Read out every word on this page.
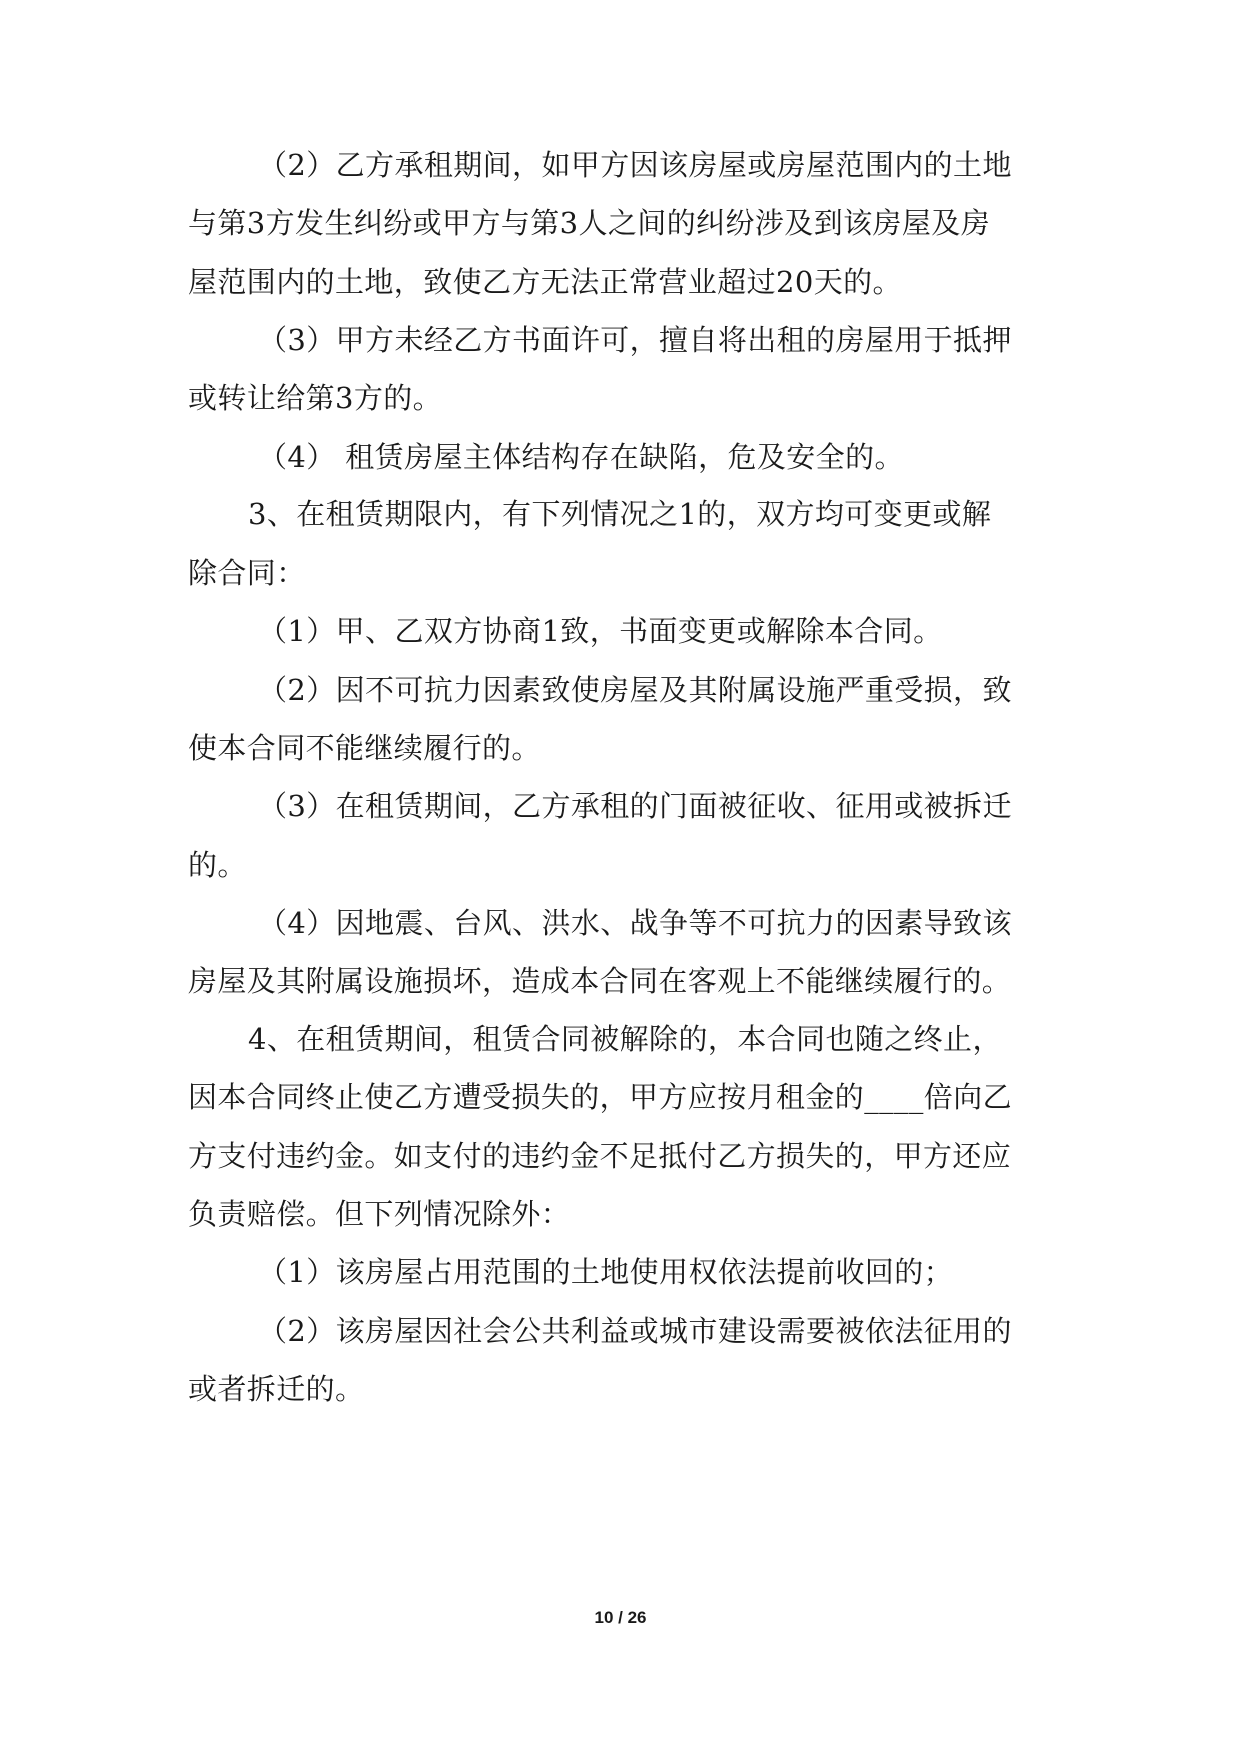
（2）乙方承租期间，如甲方因该房屋或房屋范围内的土地
与第3方发生纠纷或甲方与第3人之间的纠纷涉及到该房屋及房
屋范围内的土地，致使乙方无法正常营业超过20天的。
（3）甲方未经乙方书面许可，擅自将出租的房屋用于抵押
或转让给第3方的。
（4） 租赁房屋主体结构存在缺陷，危及安全的。
3、在租赁期限内，有下列情况之1的，双方均可变更或解
除合同：
（1）甲、乙双方协商1致，书面变更或解除本合同。
（2）因不可抗力因素致使房屋及其附属设施严重受损，致
使本合同不能继续履行的。
（3）在租赁期间，乙方承租的门面被征收、征用或被拆迁
的。
（4）因地震、台风、洪水、战争等不可抗力的因素导致该
房屋及其附属设施损坏，造成本合同在客观上不能继续履行的。
4、在租赁期间，租赁合同被解除的，本合同也随之终止，
因本合同终止使乙方遭受损失的，甲方应按月租金的____倍向乙
方支付违约金。如支付的违约金不足抵付乙方损失的，甲方还应
负责赔偿。但下列情况除外：
（1）该房屋占用范围的土地使用权依法提前收回的；
（2）该房屋因社会公共利益或城市建设需要被依法征用的
或者拆迁的。
10 / 26
